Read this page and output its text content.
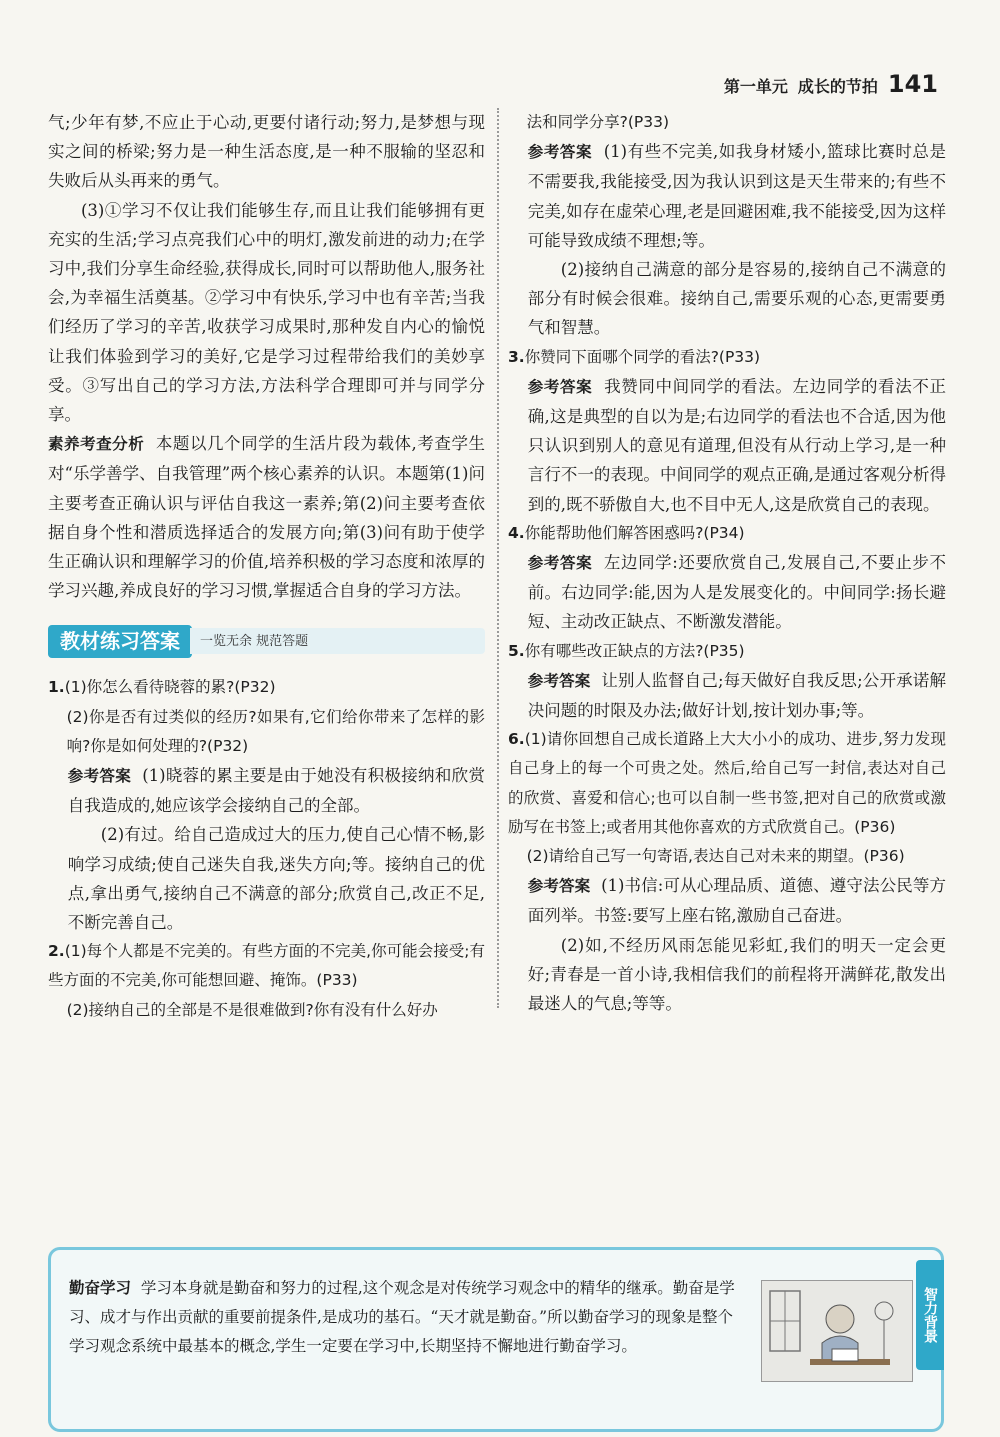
第一单元 成长的节拍 141

气;少年有梦,不应止于心动,更要付诸行动;努力,是梦想与现实之间的桥梁;努力是一种生活态度,是一种不服输的坚忍和失败后从头再来的勇气。

(3)①学习不仅让我们能够生存,而且让我们能够拥有更充实的生活;学习点亮我们心中的明灯,激发前进的动力;在学习中,我们分享生命经验,获得成长,同时可以帮助他人,服务社会,为幸福生活奠基。②学习中有快乐,学习中也有辛苦;当我们经历了学习的辛苦,收获学习成果时,那种发自内心的愉悦让我们体验到学习的美好,它是学习过程带给我们的美妙享受。③写出自己的学习方法,方法科学合理即可并与同学分享。

素养考查分析 本题以几个同学的生活片段为载体,考查学生对“乐学善学、自我管理”两个核心素养的认识。本题第(1)问主要考查正确认识与评估自我这一素养;第(2)问主要考查依据自身个性和潜质选择适合的发展方向;第(3)问有助于使学生正确认识和理解学习的价值,培养积极的学习态度和浓厚的学习兴趣,养成良好的学习习惯,掌握适合自身的学习方法。

教材练习答案	一览无余 规范答题

1.(1)你怎么看待晓蓉的累?(P32)

(2)你是否有过类似的经历?如果有,它们给你带来了怎样的影响?你是如何处理的?(P32)

参考答案 (1)晓蓉的累主要是由于她没有积极接纳和欣赏自我造成的,她应该学会接纳自己的全部。

(2)有过。给自己造成过大的压力,使自己心情不畅,影响学习成绩;使自己迷失自我,迷失方向;等。接纳自己的优点,拿出勇气,接纳自己不满意的部分;欣赏自己,改正不足,不断完善自己。

2.(1)每个人都是不完美的。有些方面的不完美,你可能会接受;有些方面的不完美,你可能想回避、掩饰。(P33)

(2)接纳自己的全部是不是很难做到?你有没有什么好办

法和同学分享?(P33)

参考答案 (1)有些不完美,如我身材矮小,篮球比赛时总是不需要我,我能接受,因为我认识到这是天生带来的;有些不完美,如存在虚荣心理,老是回避困难,我不能接受,因为这样可能导致成绩不理想;等。

(2)接纳自己满意的部分是容易的,接纳自己不满意的部分有时候会很难。接纳自己,需要乐观的心态,更需要勇气和智慧。

3.你赞同下面哪个同学的看法?(P33)

参考答案 我赞同中间同学的看法。左边同学的看法不正确,这是典型的自以为是;右边同学的看法也不合适,因为他只认识到别人的意见有道理,但没有从行动上学习,是一种言行不一的表现。中间同学的观点正确,是通过客观分析得到的,既不骄傲自大,也不目中无人,这是欣赏自己的表现。

4.你能帮助他们解答困惑吗?(P34)

参考答案 左边同学:还要欣赏自己,发展自己,不要止步不前。右边同学:能,因为人是发展变化的。中间同学:扬长避短、主动改正缺点、不断激发潜能。

5.你有哪些改正缺点的方法?(P35)

参考答案 让别人监督自己;每天做好自我反思;公开承诺解决问题的时限及办法;做好计划,按计划办事;等。

6.(1)请你回想自己成长道路上大大小小的成功、进步,努力发现自己身上的每一个可贵之处。然后,给自己写一封信,表达对自己的欣赏、喜爱和信心;也可以自制一些书签,把对自己的欣赏或激励写在书签上;或者用其他你喜欢的方式欣赏自己。(P36)

(2)请给自己写一句寄语,表达自己对未来的期望。(P36)

参考答案 (1)书信:可从心理品质、道德、遵守法公民等方面列举。书签:要写上座右铭,激励自己奋进。

(2)如,不经历风雨怎能见彩虹,我们的明天一定会更好;青春是一首小诗,我相信我们的前程将开满鲜花,散发出最迷人的气息;等等。

勤奋学习 学习本身就是勤奋和努力的过程,这个观念是对传统学习观念中的精华的继承。勤奋是学习、成才与作出贡献的重要前提条件,是成功的基石。“天才就是勤奋。”所以勤奋学习的现象是整个学习观念系统中最基本的概念,学生一定要在学习中,长期坚持不懈地进行勤奋学习。
智力背景
